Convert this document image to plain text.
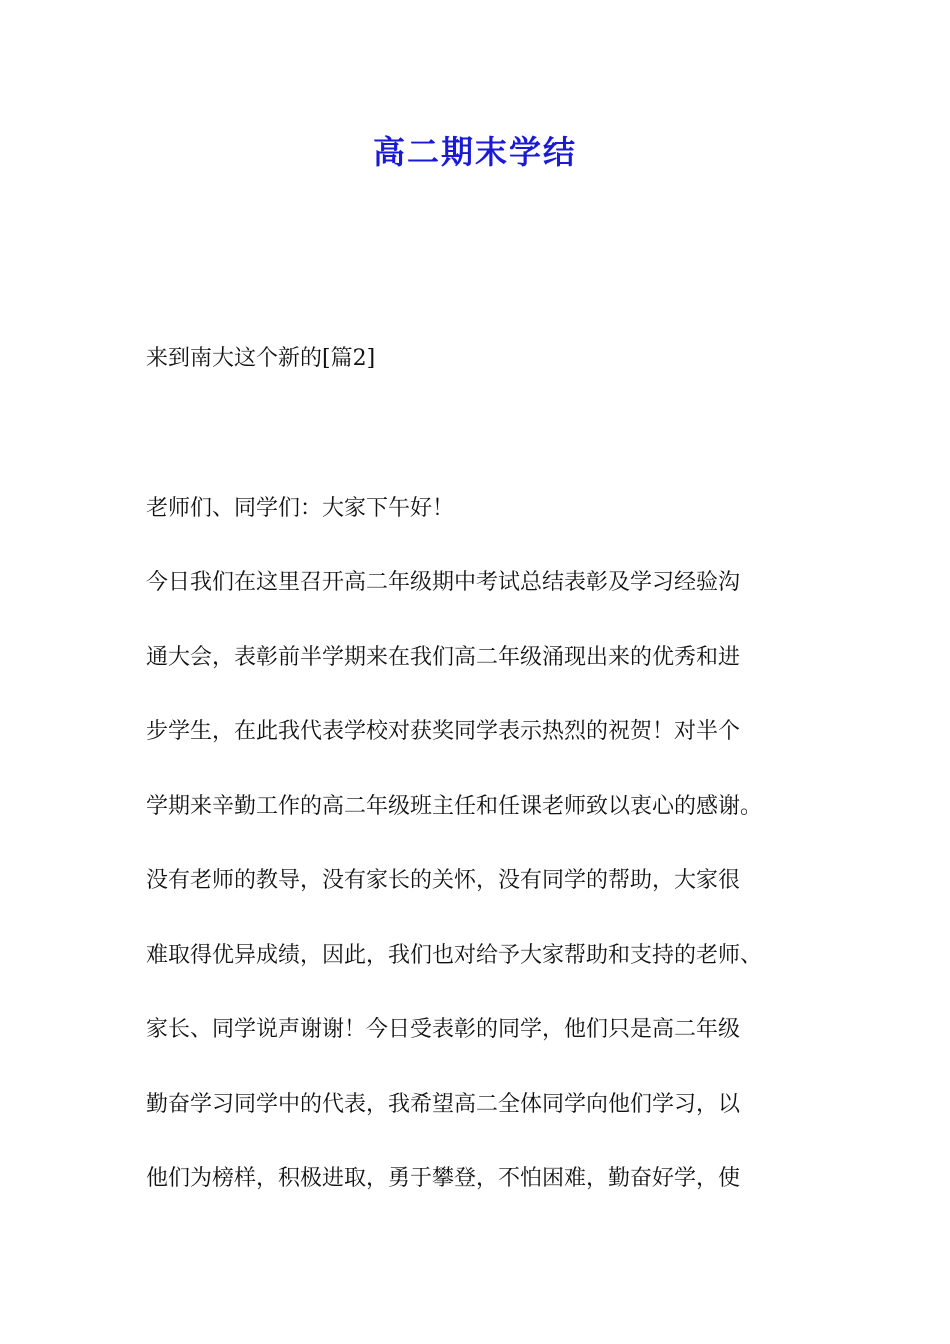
高二期末学结
来到南大这个新的[篇2]
老师们、同学们：大家下午好！
今日我们在这里召开高二年级期中考试总结表彰及学习经验沟
通大会，表彰前半学期来在我们高二年级涌现出来的优秀和进
步学生，在此我代表学校对获奖同学表示热烈的祝贺！对半个
学期来辛勤工作的高二年级班主任和任课老师致以衷心的感谢。
没有老师的教导，没有家长的关怀，没有同学的帮助，大家很
难取得优异成绩，因此，我们也对给予大家帮助和支持的老师、
家长、同学说声谢谢！今日受表彰的同学，他们只是高二年级
勤奋学习同学中的代表，我希望高二全体同学向他们学习，以
他们为榜样，积极进取，勇于攀登，不怕困难，勤奋好学，使
